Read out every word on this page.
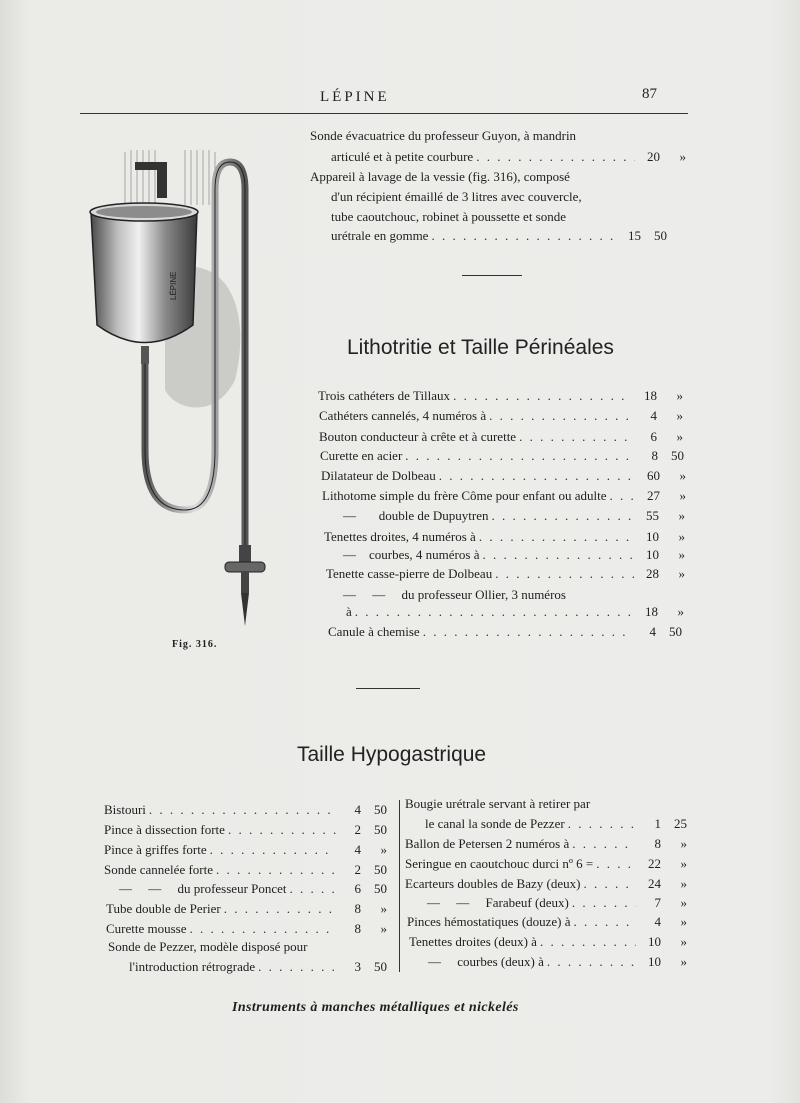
LÉPINE	87
LÉPINE
Fig. 316.
Sonde évacuatrice du professeur Guyon, à mandrin
articulé et à petite courbure . . .	20	»
Appareil à lavage de la vessie (fig. 316), composé
d'un récipient émaillé de 3 litres avec couvercle,
tube caoutchouc, robinet à poussette et sonde
urétrale en gomme . . .	15	50
Lithotritie et Taille Périnéales
Trois cathéters de Tillaux . . .	18	»
Cathéters cannelés, 4 numéros à . . .	4	»
Bouton conducteur à crête et à curette . . .	6	»
Curette en acier . . .	8	50
Dilatateur de Dolbeau . . .	60	»
Lithotome simple du frère Côme pour enfant ou adulte . . .	27	»
—       double de Dupuytren . . .	55	»
Tenettes droites, 4 numéros à . . .	10	»
—    courbes, 4 numéros à . . .	10	»
Tenette casse-pierre de Dolbeau . . .	28	»
—     —     du professeur Ollier, 3 numéros
à . . .	18	»
Canule à chemise . . .	4	50
Taille Hypogastrique
Bistouri . . .	4	50
Pince à dissection forte . . .	2	50
Pince à griffes forte . . .	4	»
Sonde cannelée forte . . .	2	50
—     —     du professeur Poncet . . .	6	50
Tube double de Perier . . .	8	»
Curette mousse . . .	8	»
Sonde de Pezzer, modèle disposé pour
l'introduction rétrograde . . .	3	50
Bougie urétrale servant à retirer par
le canal la sonde de Pezzer . . .	1	25
Ballon de Petersen 2 numéros à . . .	8	»
Seringue en caoutchouc durci nº 6 = . . .	22	»
Ecarteurs doubles de Bazy (deux) . . .	24	»
—     —     Farabeuf (deux) . . .	7	»
Pinces hémostatiques (douze) à . . .	4	»
Tenettes droites (deux) à . . .	10	»
—     courbes (deux) à . . .	10	»
Instruments à manches métalliques et nickelés
